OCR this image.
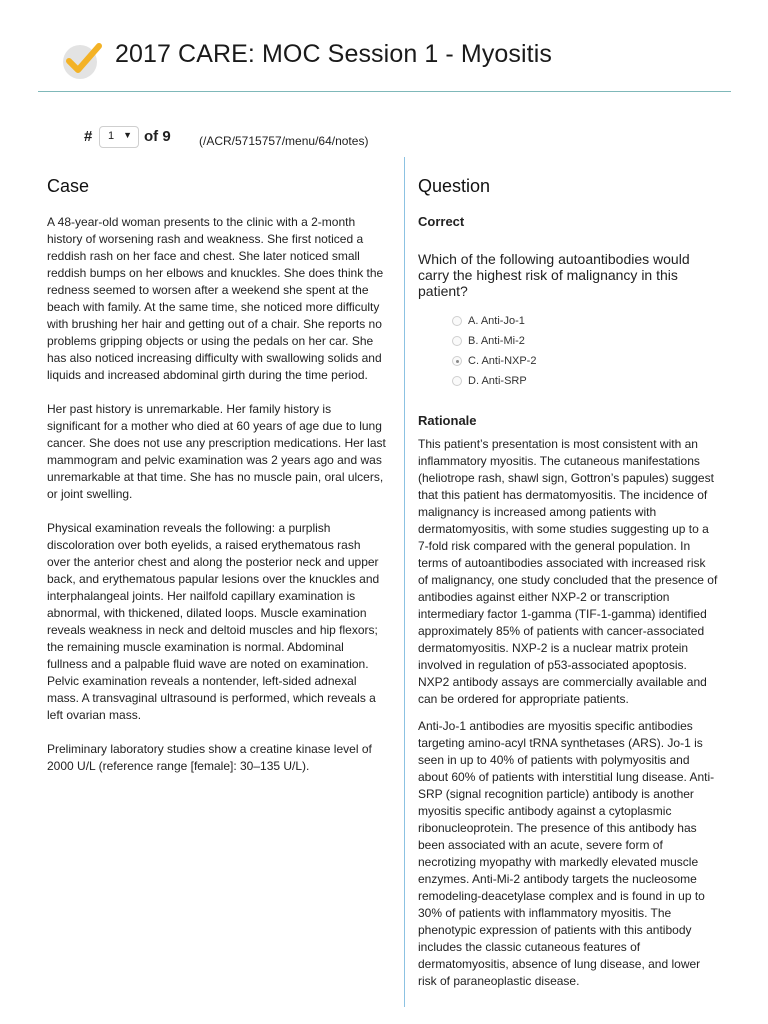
2017 CARE: MOC Session 1 - Myositis
#	1 ▼ of 9 (/ACR/5715757/menu/64/notes)
Case

A 48-year-old woman presents to the clinic with a 2-month history of worsening rash and weakness. She first noticed a reddish rash on her face and chest. She later noticed small reddish bumps on her elbows and knuckles. She does think the redness seemed to worsen after a weekend she spent at the beach with family. At the same time, she noticed more difficulty with brushing her hair and getting out of a chair. She reports no problems gripping objects or using the pedals on her car. She has also noticed increasing difficulty with swallowing solids and liquids and increased abdominal girth during the time period.

Her past history is unremarkable. Her family history is significant for a mother who died at 60 years of age due to lung cancer. She does not use any prescription medications. Her last mammogram and pelvic examination was 2 years ago and was unremarkable at that time. She has no muscle pain, oral ulcers, or joint swelling.

Physical examination reveals the following: a purplish discoloration over both eyelids, a raised erythematous rash over the anterior chest and along the posterior neck and upper back, and erythematous papular lesions over the knuckles and interphalangeal joints. Her nailfold capillary examination is abnormal, with thickened, dilated loops. Muscle examination reveals weakness in neck and deltoid muscles and hip flexors; the remaining muscle examination is normal. Abdominal fullness and a palpable fluid wave are noted on examination. Pelvic examination reveals a nontender, left-sided adnexal mass. A transvaginal ultrasound is performed, which reveals a left ovarian mass.

Preliminary laboratory studies show a creatine kinase level of 2000 U/L (reference range [female]: 30–135 U/L).

Question
Correct

Which of the following autoantibodies would carry the highest risk of malignancy in this patient?

A. Anti-Jo-1
B. Anti-Mi-2
C. Anti-NXP-2
D. Anti-SRP
Rationale

This patient’s presentation is most consistent with an inflammatory myositis. The cutaneous manifestations (heliotrope rash, shawl sign, Gottron’s papules) suggest that this patient has dermatomyositis. The incidence of malignancy is increased among patients with dermatomyositis, with some studies suggesting up to a 7-fold risk compared with the general population. In terms of autoantibodies associated with increased risk of malignancy, one study concluded that the presence of antibodies against either NXP-2 or transcription intermediary factor 1-gamma (TIF-1-gamma) identified approximately 85% of patients with cancer-associated dermatomyositis. NXP-2 is a nuclear matrix protein involved in regulation of p53-associated apoptosis. NXP2 antibody assays are commercially available and can be ordered for appropriate patients.

Anti-Jo-1 antibodies are myositis specific antibodies targeting amino-acyl tRNA synthetases (ARS). Jo-1 is seen in up to 40% of patients with polymyositis and about 60% of patients with interstitial lung disease. Anti-SRP (signal recognition particle) antibody is another myositis specific antibody against a cytoplasmic ribonucleoprotein. The presence of this antibody has been associated with an acute, severe form of necrotizing myopathy with markedly elevated muscle enzymes. Anti-Mi-2 antibody targets the nucleosome remodeling-deacetylase complex and is found in up to 30% of patients with inflammatory myositis. The phenotypic expression of patients with this antibody includes the classic cutaneous features of dermatomyositis, absence of lung disease, and lower risk of paraneoplastic disease.
